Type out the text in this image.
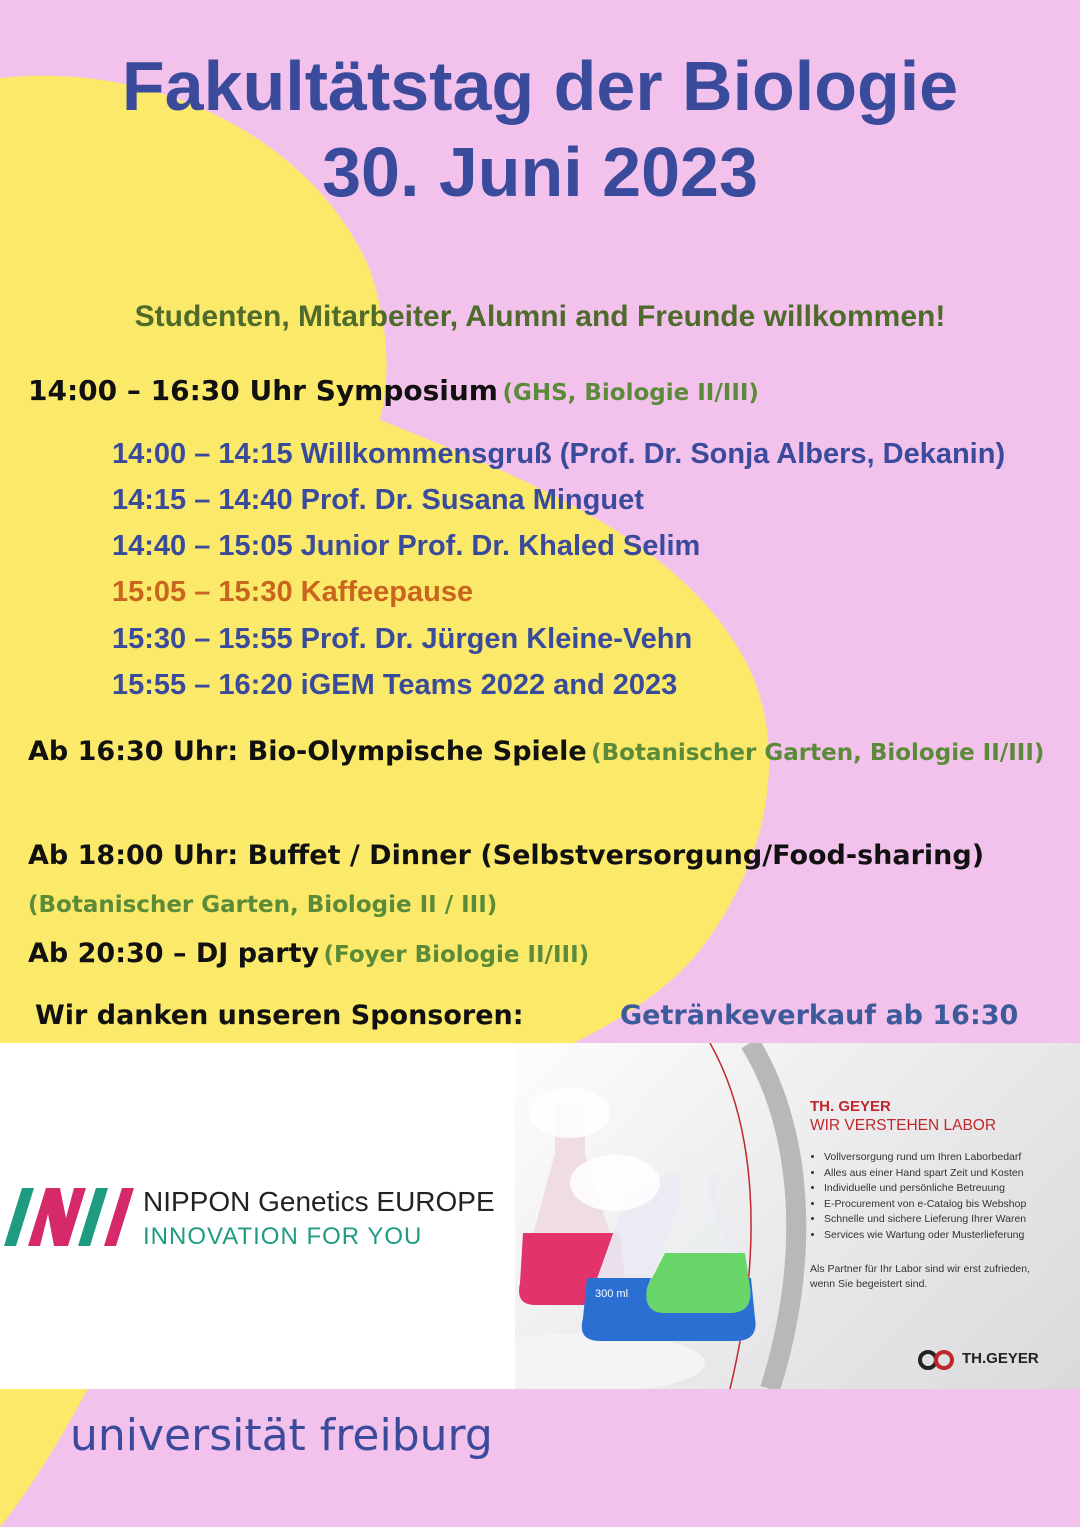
Fakultätstag der Biologie
30. Juni 2023
Studenten, Mitarbeiter, Alumni and Freunde willkommen!
14:00 – 16:30 Uhr Symposium (GHS, Biologie II/III)
14:00 – 14:15 Willkommensgruß (Prof. Dr. Sonja Albers, Dekanin)
14:15 – 14:40 Prof. Dr. Susana Minguet
14:40 – 15:05 Junior Prof. Dr. Khaled Selim
15:05 – 15:30 Kaffeepause
15:30 – 15:55 Prof. Dr. Jürgen Kleine-Vehn
15:55 – 16:20 iGEM Teams 2022 and 2023
Ab 16:30 Uhr: Bio-Olympische Spiele (Botanischer Garten, Biologie II/III)
Ab 18:00 Uhr: Buffet / Dinner (Selbstversorgung/Food-sharing)
(Botanischer Garten, Biologie II / III)
Ab 20:30 – DJ party (Foyer Biologie II/III)
Wir danken unseren Sponsoren:	Getränkeverkauf ab 16:30
300 ml
NIPPON Genetics EUROPE
INNOVATION FOR YOU
TH. GEYER
WIR VERSTEHEN LABOR
• Vollversorgung rund um Ihren Laborbedarf
• Alles aus einer Hand spart Zeit und Kosten
• Individuelle und persönliche Betreuung
• E-Procurement von e-Catalog bis Webshop
• Schnelle und sichere Lieferung Ihrer Waren
• Services wie Wartung oder Musterlieferung
Als Partner für Ihr Labor sind wir erst zufrieden, wenn Sie begeistert sind.
TH.GEYER
universität freiburg
